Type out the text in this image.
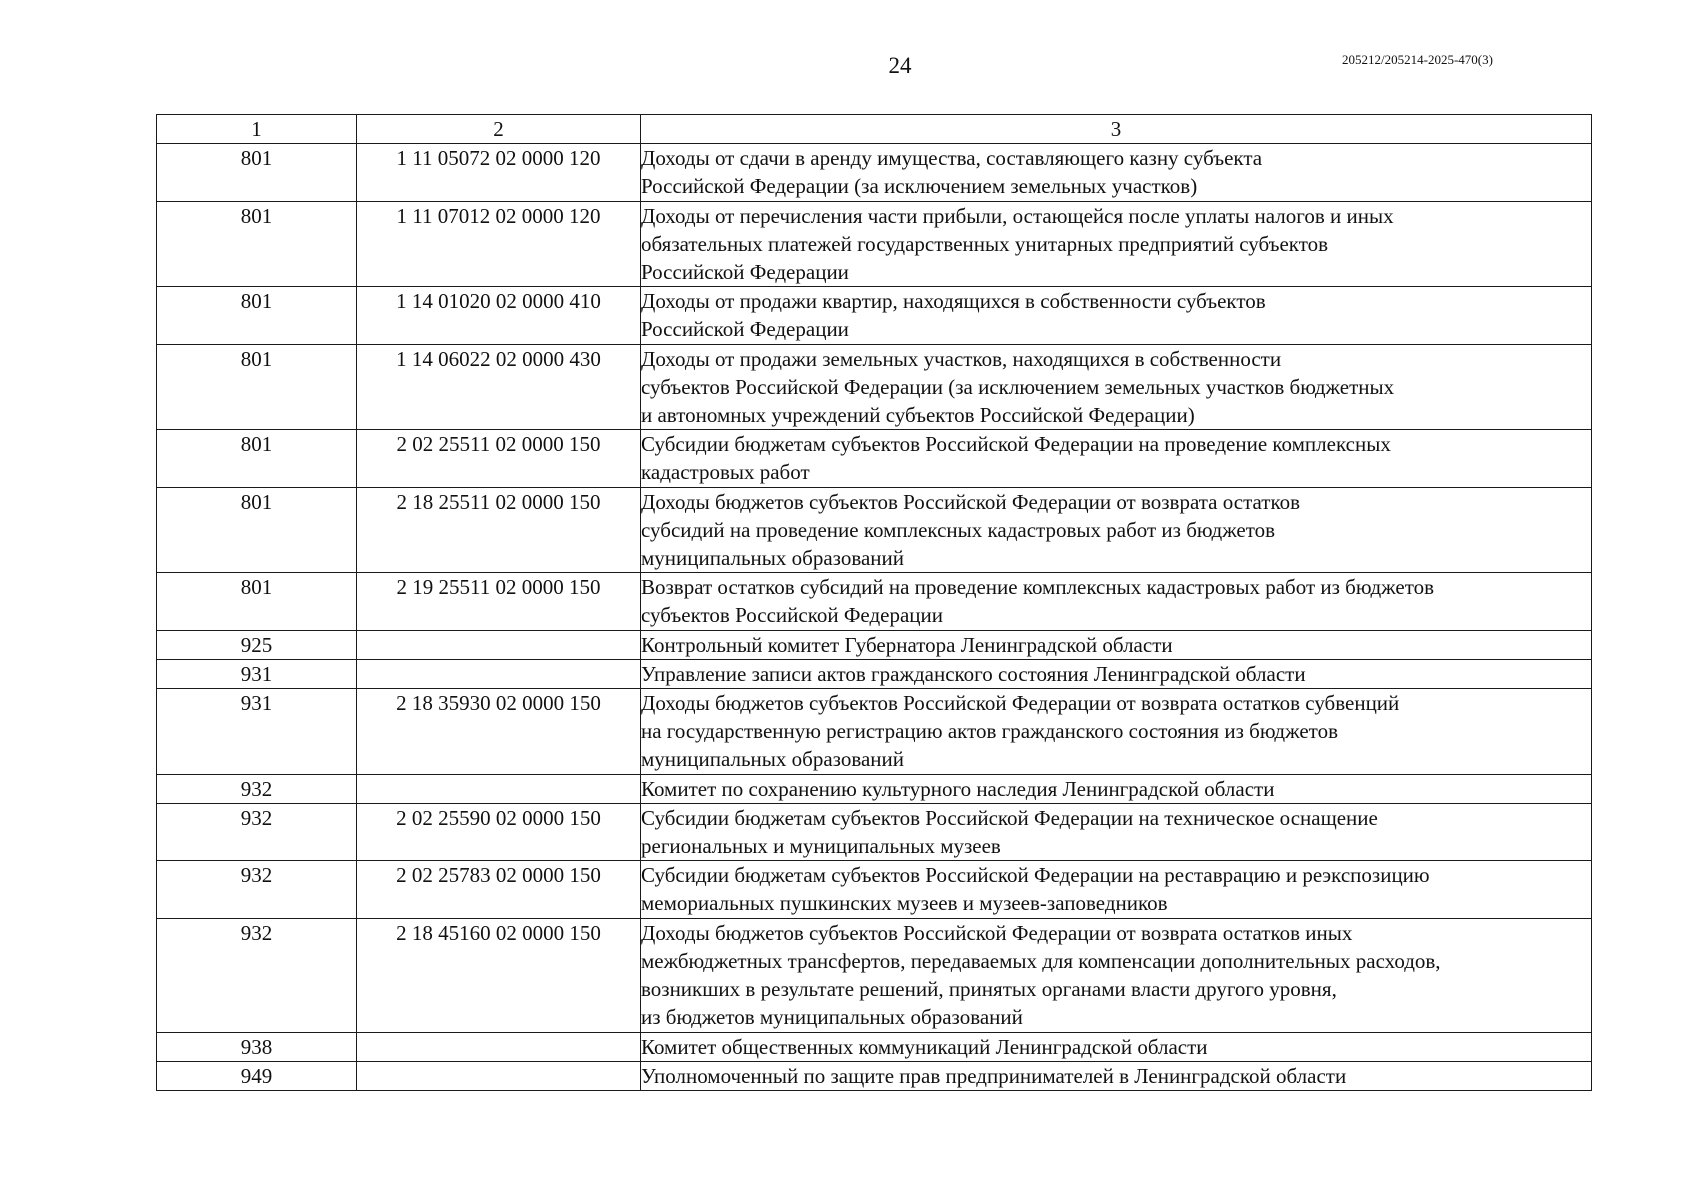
24	205212/205214-2025-470(3)
1	2	3
801	1 11 05072 02 0000 120	Доходы от сдачи в аренду имущества, составляющего казну субъекта
Российской Федерации (за исключением земельных участков)

801	1 11 07012 02 0000 120	Доходы от перечисления части прибыли, остающейся после уплаты налогов и иных
обязательных платежей государственных унитарных предприятий субъектов
Российской Федерации

801	1 14 01020 02 0000 410	Доходы от продажи квартир, находящихся в собственности субъектов
Российской Федерации

801	1 14 06022 02 0000 430	Доходы от продажи земельных участков, находящихся в собственности
субъектов Российской Федерации (за исключением земельных участков бюджетных
и автономных учреждений субъектов Российской Федерации)

801	2 02 25511 02 0000 150	Субсидии бюджетам субъектов Российской Федерации на проведение комплексных
кадастровых работ

801	2 18 25511 02 0000 150	Доходы бюджетов субъектов Российской Федерации от возврата остатков
субсидий на проведение комплексных кадастровых работ из бюджетов
муниципальных образований

801	2 19 25511 02 0000 150	Возврат остатков субсидий на проведение комплексных кадастровых работ из бюджетов
субъектов Российской Федерации

925		Контрольный комитет Губернатора Ленинградской области

931		Управление записи актов гражданского состояния Ленинградской области

931	2 18 35930 02 0000 150	Доходы бюджетов субъектов Российской Федерации от возврата остатков субвенций
на государственную регистрацию актов гражданского состояния из бюджетов
муниципальных образований

932		Комитет по сохранению культурного наследия Ленинградской области

932	2 02 25590 02 0000 150	Субсидии бюджетам субъектов Российской Федерации на техническое оснащение
региональных и муниципальных музеев

932	2 02 25783 02 0000 150	Субсидии бюджетам субъектов Российской Федерации на реставрацию и реэкспозицию
мемориальных пушкинских музеев и музеев-заповедников

932	2 18 45160 02 0000 150	Доходы бюджетов субъектов Российской Федерации от возврата остатков иных
межбюджетных трансфертов, передаваемых для компенсации дополнительных расходов,
возникших в результате решений, принятых органами власти другого уровня,
из бюджетов муниципальных образований

938		Комитет общественных коммуникаций Ленинградской области

949		Уполномоченный по защите прав предпринимателей в Ленинградской области
